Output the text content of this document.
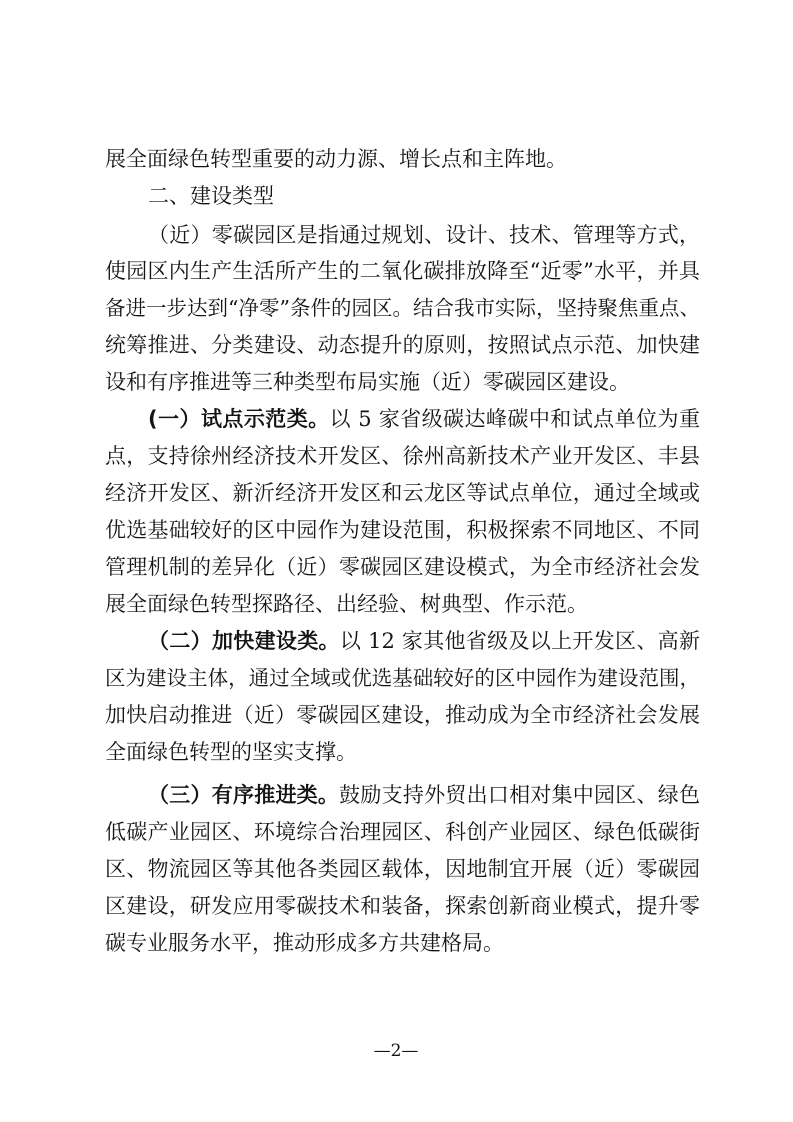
展全面绿色转型重要的动力源、增长点和主阵地。
二、建设类型
（近）零碳园区是指通过规划、设计、技术、管理等方式，
使园区内生产生活所产生的二氧化碳排放降至“近零”水平，并具
备进一步达到“净零”条件的园区。结合我市实际，坚持聚焦重点、
统筹推进、分类建设、动态提升的原则，按照试点示范、加快建
设和有序推进等三种类型布局实施（近）零碳园区建设。
(一）试点示范类。以 5 家省级碳达峰碳中和试点单位为重
点，支持徐州经济技术开发区、徐州高新技术产业开发区、丰县
经济开发区、新沂经济开发区和云龙区等试点单位，通过全域或
优选基础较好的区中园作为建设范围，积极探索不同地区、不同
管理机制的差异化（近）零碳园区建设模式，为全市经济社会发
展全面绿色转型探路径、出经验、树典型、作示范。
（二）加快建设类。以 12 家其他省级及以上开发区、高新
区为建设主体，通过全域或优选基础较好的区中园作为建设范围，
加快启动推进（近）零碳园区建设，推动成为全市经济社会发展
全面绿色转型的坚实支撑。
（三）有序推进类。鼓励支持外贸出口相对集中园区、绿色
低碳产业园区、环境综合治理园区、科创产业园区、绿色低碳街
区、物流园区等其他各类园区载体，因地制宜开展（近）零碳园
区建设，研发应用零碳技术和装备，探索创新商业模式，提升零
碳专业服务水平，推动形成多方共建格局。
—2—
